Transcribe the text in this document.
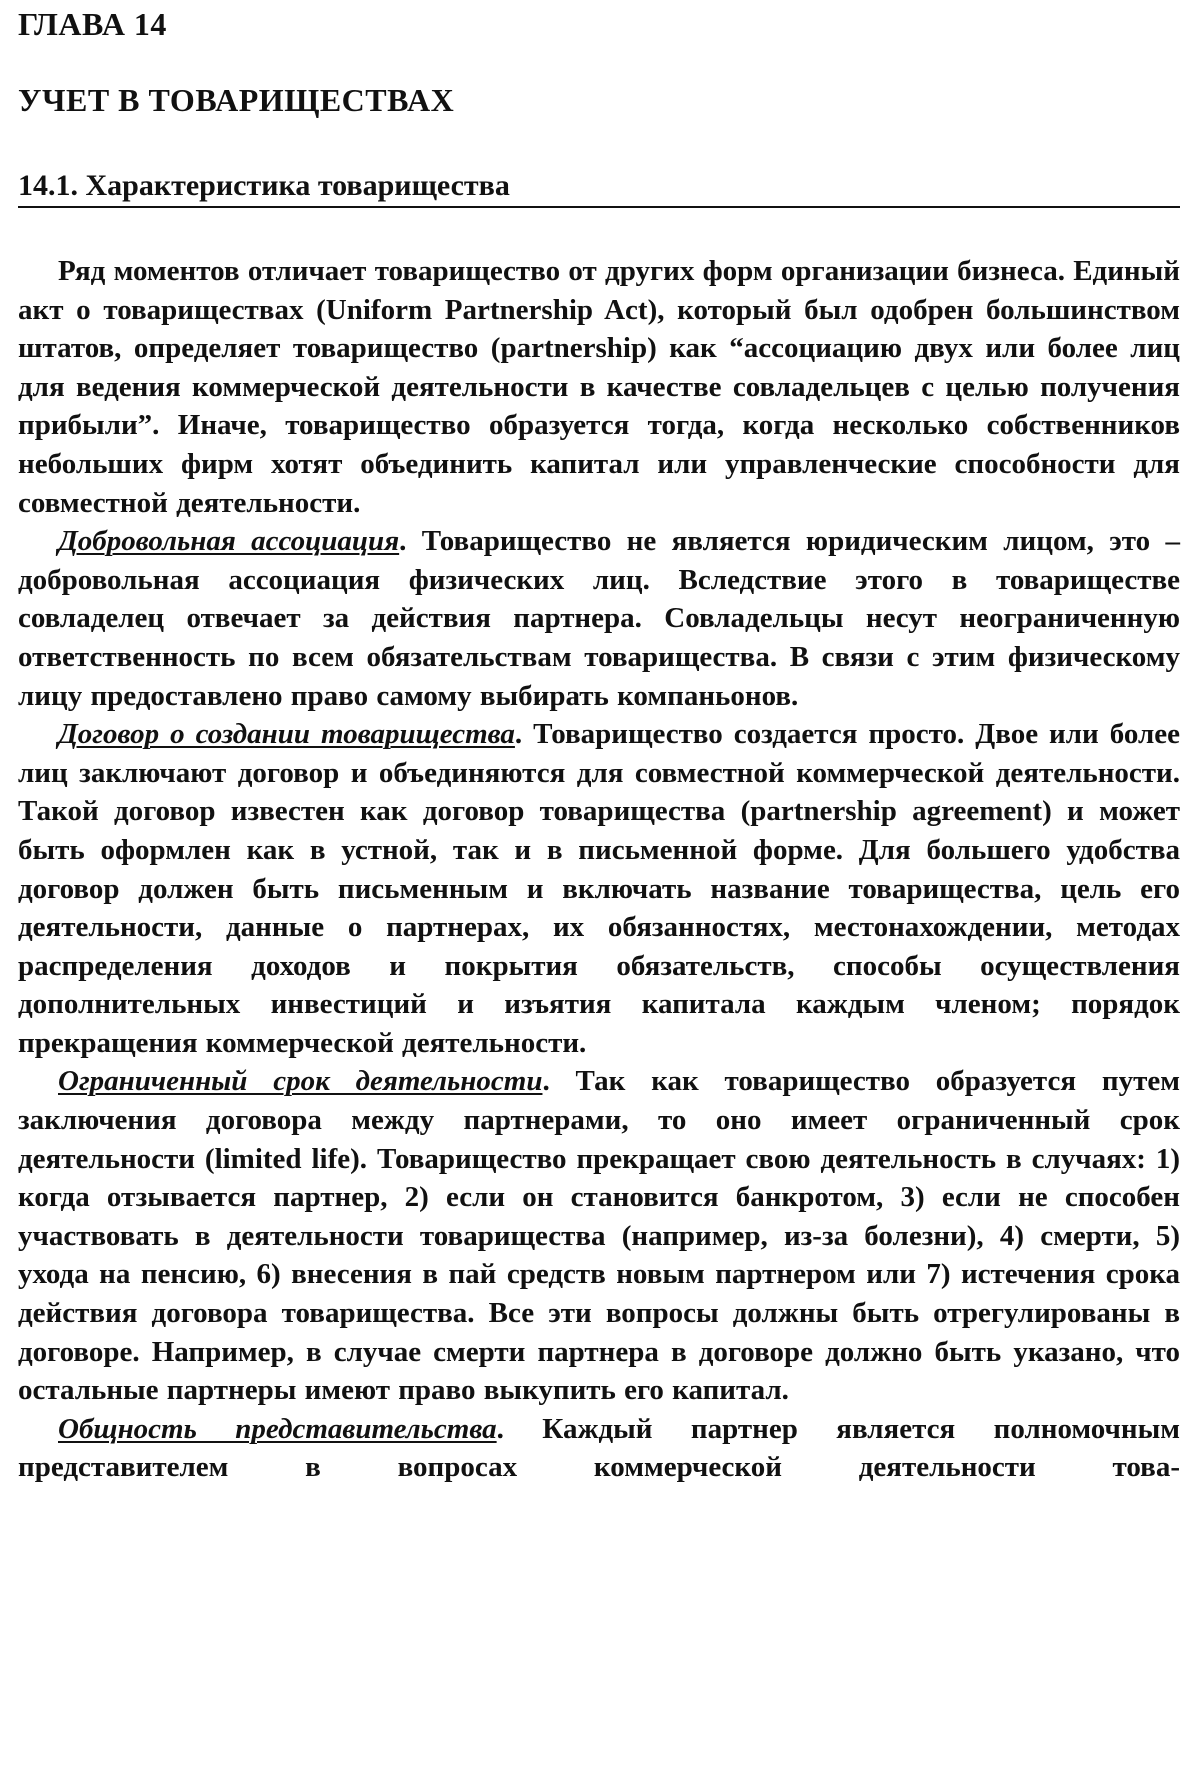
ГЛАВА 14
УЧЕТ В ТОВАРИЩЕСТВАХ
14.1. Характеристика товарищества

Ряд моментов отличает товарищество от других форм организации бизнеса. Единый акт о товариществах (Uniform Partnership Act), который был одобрен большинством штатов, определяет товарищество (partnership) как “ассоциацию двух или более лиц для ведения коммерческой деятельности в качестве совладельцев с целью получения прибыли”. Иначе, товарищество образуется тогда, когда несколько собственников небольших фирм хотят объединить капитал или управленческие способности для совместной деятельности.

Добровольная ассоциация. Товарищество не является юридическим лицом, это – добровольная ассоциация физических лиц. Вследствие этого в товариществе совладелец отвечает за действия партнера. Совладельцы несут неограниченную ответственность по всем обязательствам товарищества. В связи с этим физическому лицу предоставлено право самому выбирать компаньонов.

Договор о создании товарищества. Товарищество создается просто. Двое или более лиц заключают договор и объединяются для совместной коммерческой деятельности. Такой договор известен как договор товарищества (partnership agreement) и может быть оформлен как в устной, так и в письменной форме. Для большего удобства договор должен быть письменным и включать название товарищества, цель его деятельности, данные о партнерах, их обязанностях, местонахождении, методах распределения доходов и покрытия обязательств, способы осуществления дополнительных инвестиций и изъятия капитала каждым членом; порядок прекращения коммерческой деятельности.

Ограниченный срок деятельности. Так как товарищество образуется путем заключения договора между партнерами, то оно имеет ограниченный срок деятельности (limited life). Товарищество прекращает свою деятельность в случаях: 1) когда отзывается партнер, 2) если он становится банкротом, 3) если не способен участвовать в деятельности товарищества (например, из-за болезни), 4) смерти, 5) ухода на пенсию, 6) внесения в пай средств новым партнером или 7) истечения срока действия договора товарищества. Все эти вопросы должны быть отрегулированы в договоре. Например, в случае смерти партнера в договоре должно быть указано, что остальные партнеры имеют право выкупить его капитал.

Общность представительства. Каждый партнер является полномочным представителем в вопросах коммерческой деятельности това-
